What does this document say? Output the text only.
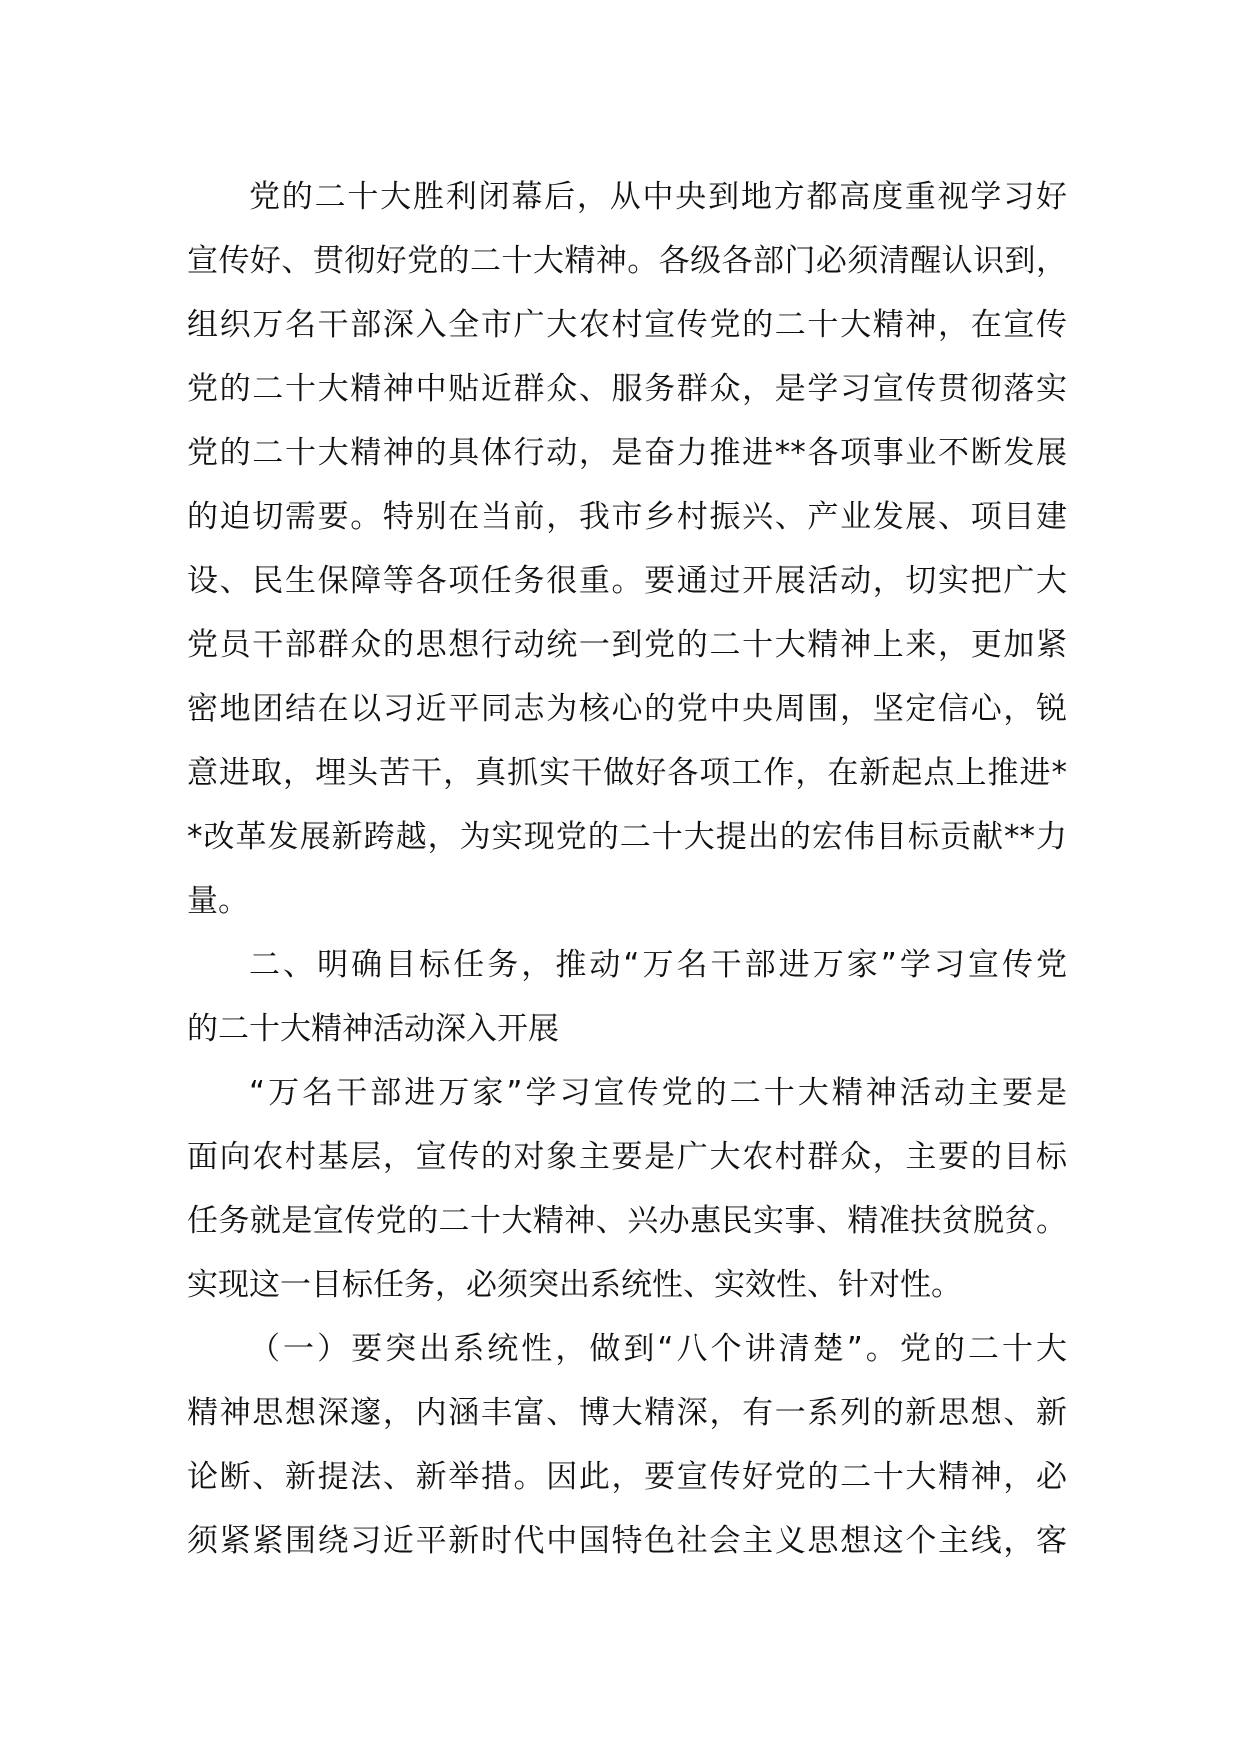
党的二十大胜利闭幕后，从中央到地方都高度重视学习好
宣传好、贯彻好党的二十大精神。各级各部门必须清醒认识到，
组织万名干部深入全市广大农村宣传党的二十大精神，在宣传
党的二十大精神中贴近群众、服务群众，是学习宣传贯彻落实
党的二十大精神的具体行动，是奋力推进**各项事业不断发展
的迫切需要。特别在当前，我市乡村振兴、产业发展、项目建
设、民生保障等各项任务很重。要通过开展活动，切实把广大
党员干部群众的思想行动统一到党的二十大精神上来，更加紧
密地团结在以习近平同志为核心的党中央周围，坚定信心，锐
意进取，埋头苦干，真抓实干做好各项工作，在新起点上推进*
*改革发展新跨越，为实现党的二十大提出的宏伟目标贡献**力
量。
二、明确目标任务，推动“万名干部进万家”学习宣传党
的二十大精神活动深入开展
“万名干部进万家”学习宣传党的二十大精神活动主要是
面向农村基层，宣传的对象主要是广大农村群众，主要的目标
任务就是宣传党的二十大精神、兴办惠民实事、精准扶贫脱贫。
实现这一目标任务，必须突出系统性、实效性、针对性。
（一）要突出系统性，做到“八个讲清楚”。党的二十大
精神思想深邃，内涵丰富、博大精深，有一系列的新思想、新
论断、新提法、新举措。因此，要宣传好党的二十大精神，必
须紧紧围绕习近平新时代中国特色社会主义思想这个主线，客
